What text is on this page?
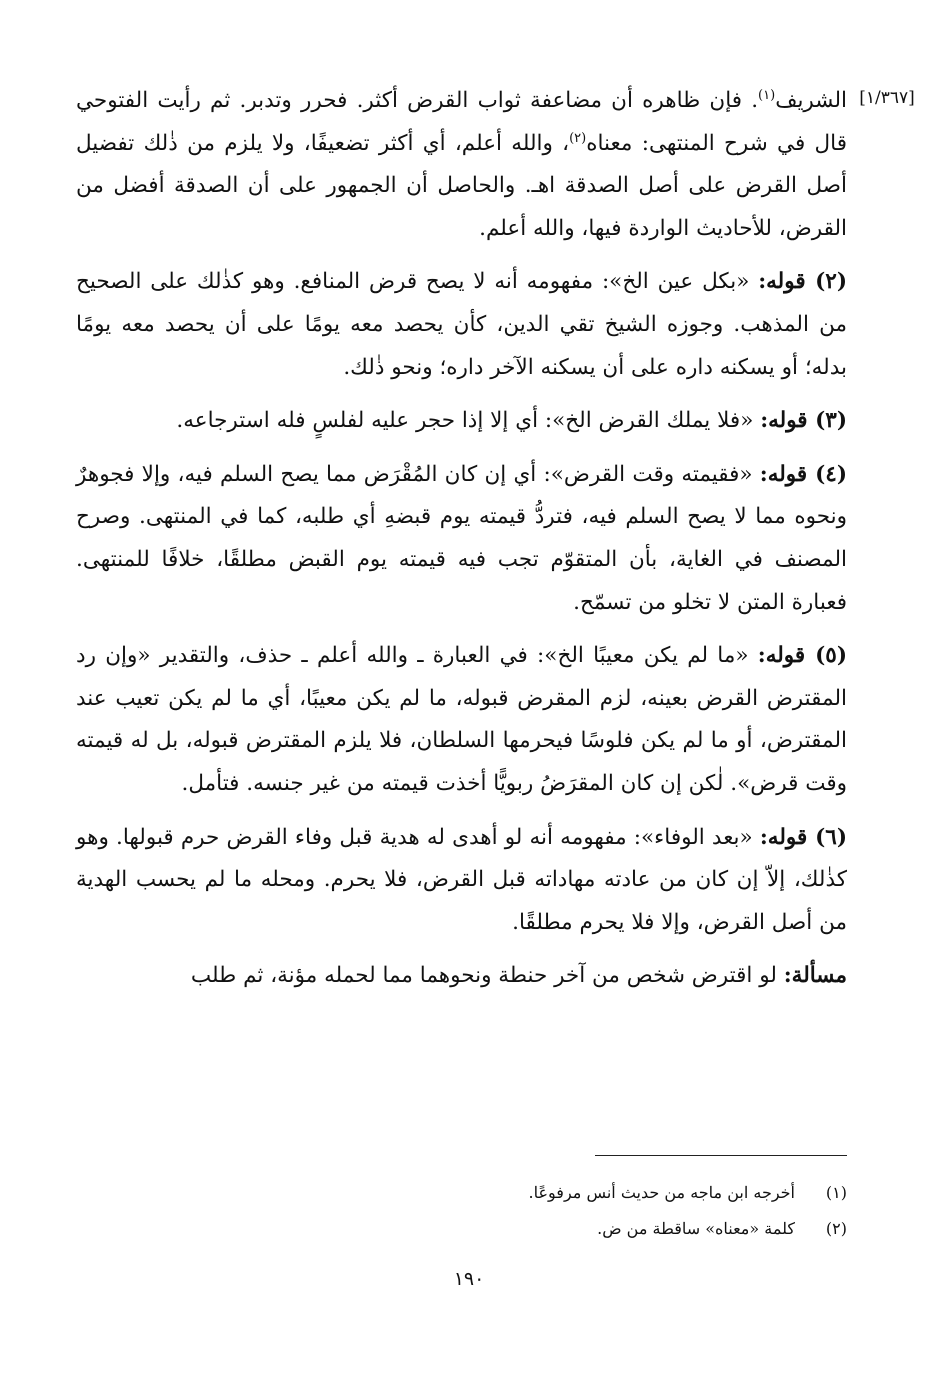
[١/٣٦٧]

الشريف$^{(١)}$. فإن ظاهره أن مضاعفة ثواب القرض أكثر. فحرر وتدبر. ثم رأيت الفتوحي قال في شرح المنتهى: معناه$^{(٢)}$، والله أعلم، أي أكثر تضعيفًا، ولا يلزم من ذٰلك تفضيل أصل القرض على أصل الصدقة اهـ. والحاصل أن الجمهور على أن الصدقة أفضل من القرض، للأحاديث الواردة فيها، والله أعلم.

(٢) قوله: «بكل عين الخ»: مفهومه أنه لا يصح قرض المنافع. وهو كذٰلك على الصحيح من المذهب. وجوزه الشيخ تقي الدين، كأن يحصد معه يومًا على أن يحصد معه يومًا بدله؛ أو يسكنه داره على أن يسكنه الآخر داره؛ ونحو ذٰلك.

(٣) قوله: «فلا يملك القرض الخ»: أي إلا إذا حجر عليه لفلسٍ فله استرجاعه.

(٤) قوله: «فقيمته وقت القرض»: أي إن كان المُقْرَض مما يصح السلم فيه، وإلا فجوهرٌ ونحوه مما لا يصح السلم فيه، فتردُّ قيمته يوم قبضهِ أي طلبه، كما في المنتهى. وصرح المصنف في الغاية، بأن المتقوّم تجب فيه قيمته يوم القبض مطلقًا، خلافًا للمنتهى. فعبارة المتن لا تخلو من تسمّح.

(٥) قوله: «ما لم يكن معيبًا الخ»: في العبارة ـ والله أعلم ـ حذف، والتقدير «وإن رد المقترض القرض بعينه، لزم المقرض قبوله، ما لم يكن معيبًا، أي ما لم يكن تعيب عند المقترض، أو ما لم يكن فلوسًا فيحرمها السلطان، فلا يلزم المقترض قبوله، بل له قيمته وقت قرض». لٰكن إن كان المقرَضُ ربويًّا أخذت قيمته من غير جنسه. فتأمل.

(٦) قوله: «بعد الوفاء»: مفهومه أنه لو أهدى له هدية قبل وفاء القرض حرم قبولها. وهو كذٰلك، إلاّ إن كان من عادته مهاداته قبل القرض، فلا يحرم. ومحله ما لم يحسب الهدية من أصل القرض، وإلا فلا يحرم مطلقًا.

مسألة: لو اقترض شخص من آخر حنطة ونحوهما مما لحمله مؤنة، ثم طلب

(١)أخرجه ابن ماجه من حديث أنس مرفوعًا.
(٢)كلمة «معناه» ساقطة من ض.
١٩٠
